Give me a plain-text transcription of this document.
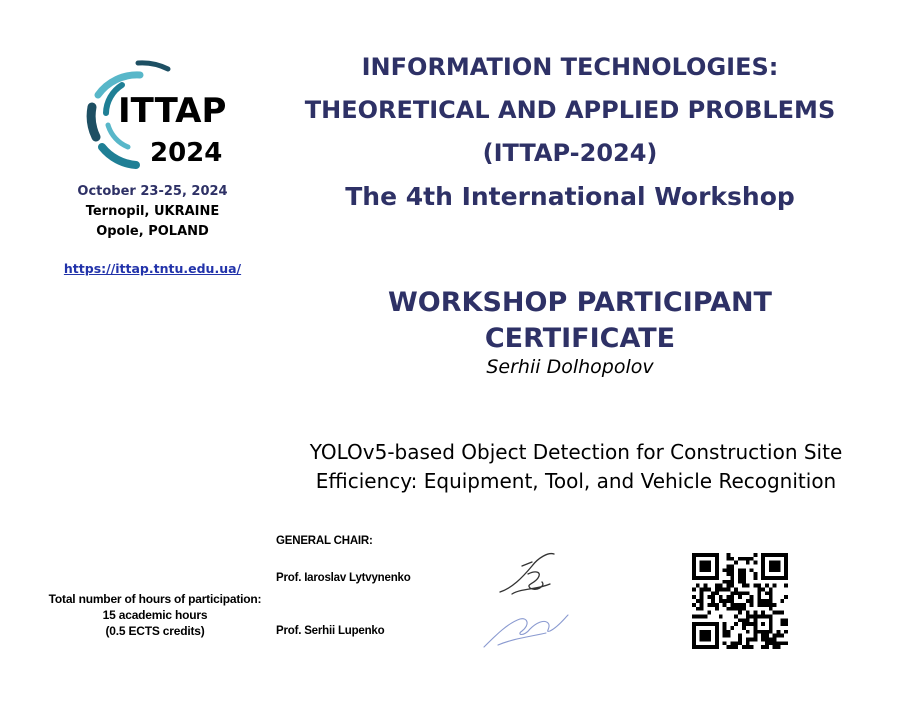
ITTAP
2024
October 23-25, 2024
Ternopil, UKRAINE
Opole, POLAND
https://ittap.tntu.edu.ua/
INFORMATION TECHNOLOGIES:
THEORETICAL AND APPLIED PROBLEMS
(ITTAP-2024)
The 4th International Workshop
WORKSHOP PARTICIPANT CERTIFICATE
Serhii Dolhopolov
YOLOv5-based Object Detection for Construction Site
Efficiency: Equipment, Tool, and Vehicle Recognition
GENERAL CHAIR:
Prof. Iaroslav Lytvynenko
Prof. Serhii Lupenko
Total number of hours of participation:
15 academic hours
(0.5 ECTS credits)
